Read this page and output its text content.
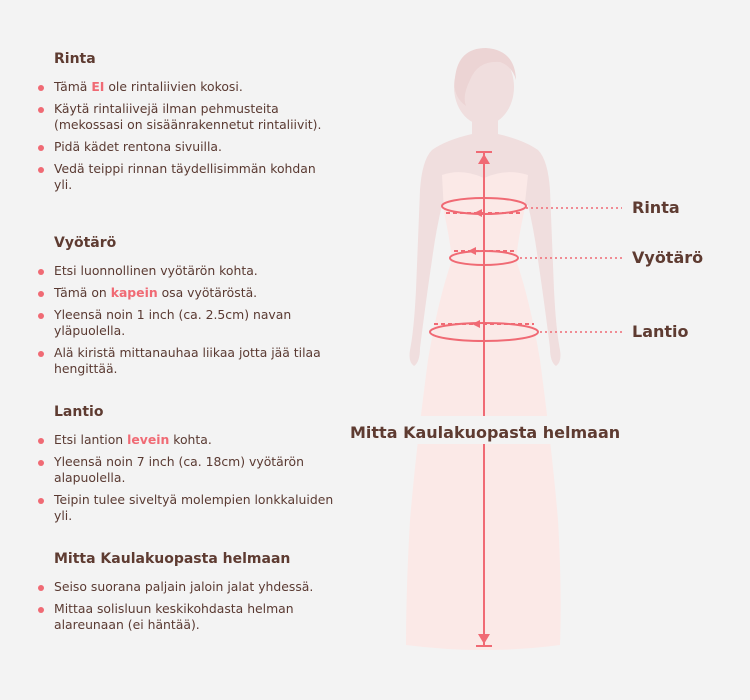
Rinta
Vyötärö
Lantio
Mitta Kaulakuopasta helmaan
Rinta
Tämä EI ole rintaliivien kokosi.
Käytä rintaliivejä ilman pehmusteita (mekossasi on sisäänrakennetut rintaliivit).
Pidä kädet rentona sivuilla.
Vedä teippi rinnan täydellisimmän kohdan yli.
Vyötärö
Etsi luonnollinen vyötärön kohta.
Tämä on kapein osa vyötäröstä.
Yleensä noin 1 inch (ca. 2.5cm) navan yläpuolella.
Alä kiristä mittanauhaa liikaa jotta jää tilaa hengittää.
Lantio
Etsi lantion levein kohta.
Yleensä noin 7 inch (ca. 18cm) vyötärön alapuolella.
Teipin tulee siveltyä molempien lonkkaluiden yli.
Mitta Kaulakuopasta helmaan
Seiso suorana paljain jaloin jalat yhdessä.
Mittaa solisluun keskikohdasta helman alareunaan (ei häntää).
